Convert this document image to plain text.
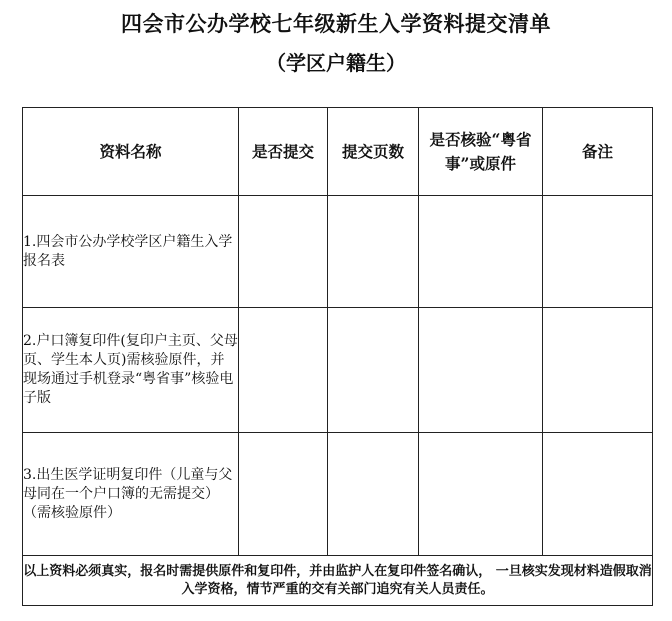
四会市公办学校七年级新生入学资料提交清单
（学区户籍生）
资料名称	是否提交	提交页数	是否核验“粤省事”或原件	备注

1.四会市公办学校学区户籍生入学报名表				

2.户口簿复印件(复印户主页、父母页、学生本人页)需核验原件，并现场通过手机登录“粤省事”核验电子版				

3.出生医学证明复印件（儿童与父母同在一个户口簿的无需提交）（需核验原件）				

以上资料必须真实，报名时需提供原件和复印件，并由监护人在复印件签名确认， 一旦核实发现材料造假取消入学资格，情节严重的交有关部门追究有关人员责任。				
